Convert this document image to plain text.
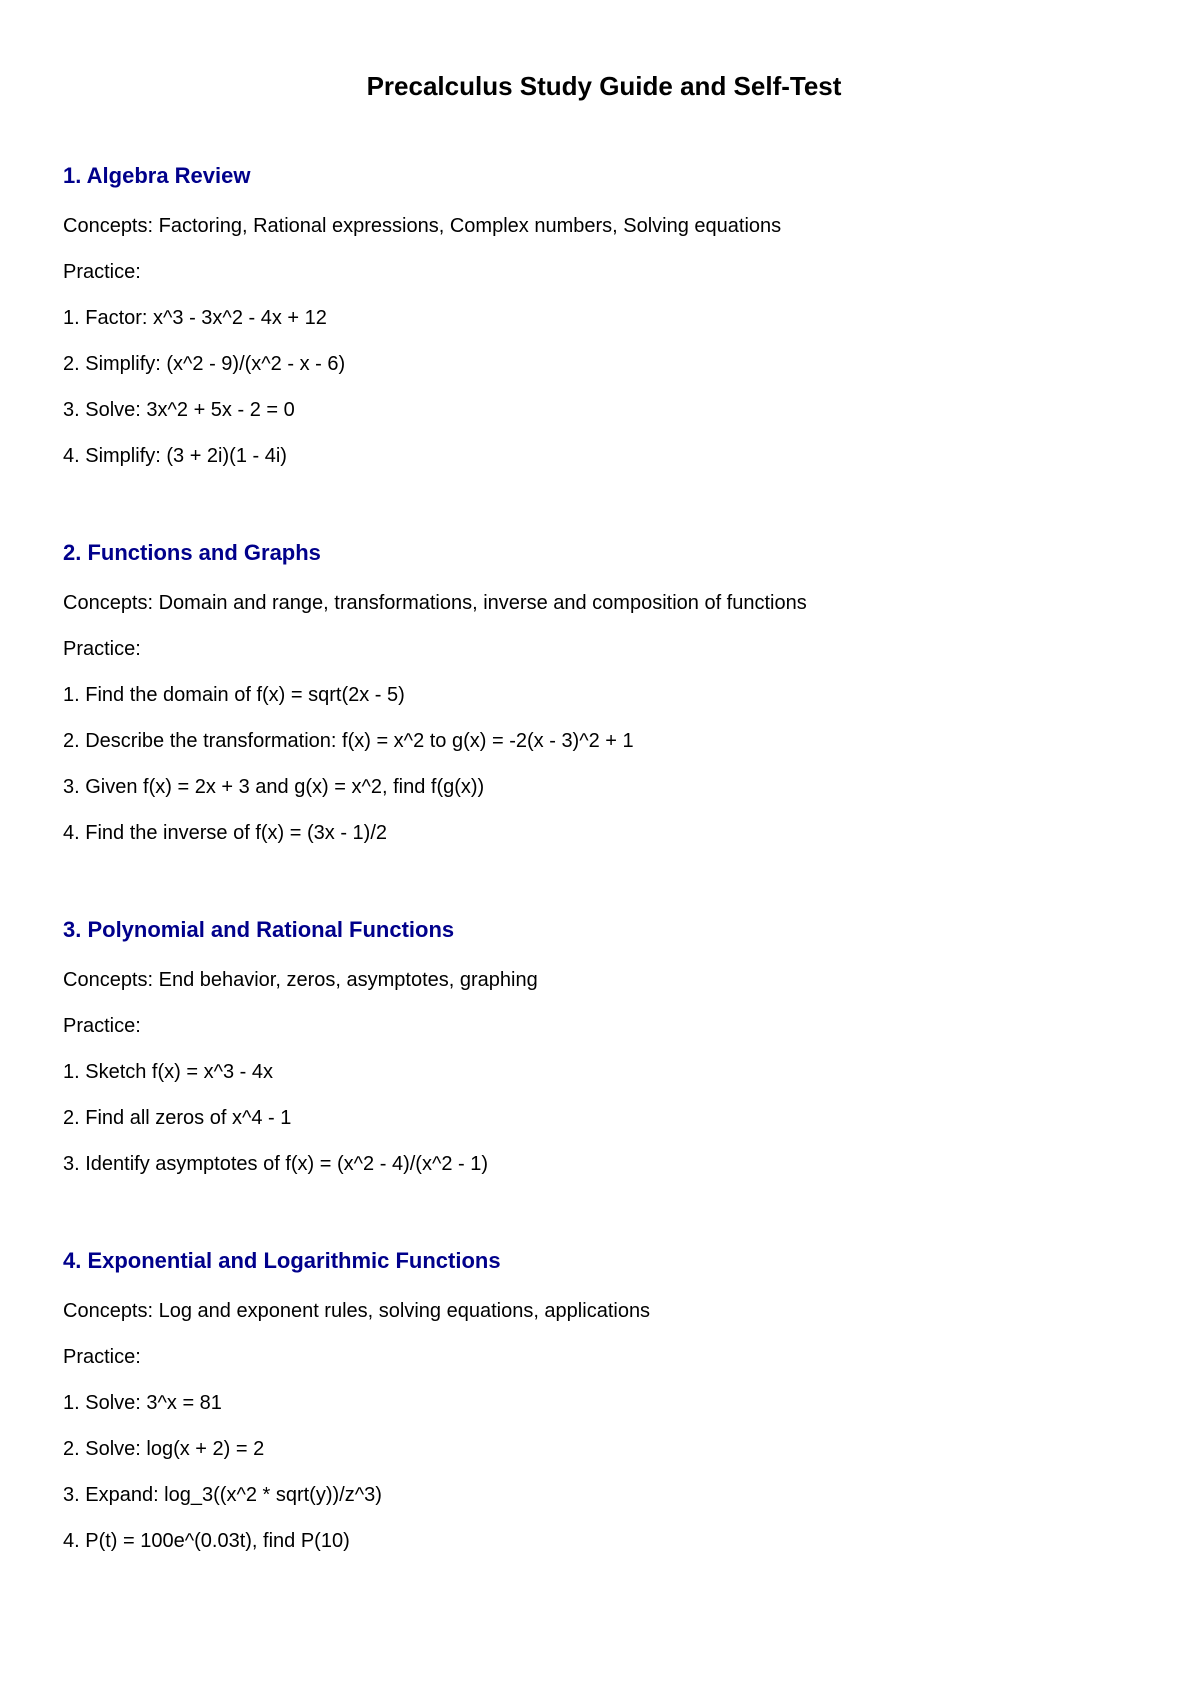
Precalculus Study Guide and Self-Test
1. Algebra Review

Concepts: Factoring, Rational expressions, Complex numbers, Solving equations

Practice:

1. Factor: x^3 - 3x^2 - 4x + 12
2. Simplify: (x^2 - 9)/(x^2 - x - 6)
3. Solve: 3x^2 + 5x - 2 = 0
4. Simplify: (3 + 2i)(1 - 4i)
2. Functions and Graphs

Concepts: Domain and range, transformations, inverse and composition of functions

Practice:

1. Find the domain of f(x) = sqrt(2x - 5)
2. Describe the transformation: f(x) = x^2 to g(x) = -2(x - 3)^2 + 1
3. Given f(x) = 2x + 3 and g(x) = x^2, find f(g(x))
4. Find the inverse of f(x) = (3x - 1)/2
3. Polynomial and Rational Functions

Concepts: End behavior, zeros, asymptotes, graphing

Practice:

1. Sketch f(x) = x^3 - 4x
2. Find all zeros of x^4 - 1
3. Identify asymptotes of f(x) = (x^2 - 4)/(x^2 - 1)
4. Exponential and Logarithmic Functions

Concepts: Log and exponent rules, solving equations, applications

Practice:

1. Solve: 3^x = 81
2. Solve: log(x + 2) = 2
3. Expand: log_3((x^2 * sqrt(y))/z^3)
4. P(t) = 100e^(0.03t), find P(10)
